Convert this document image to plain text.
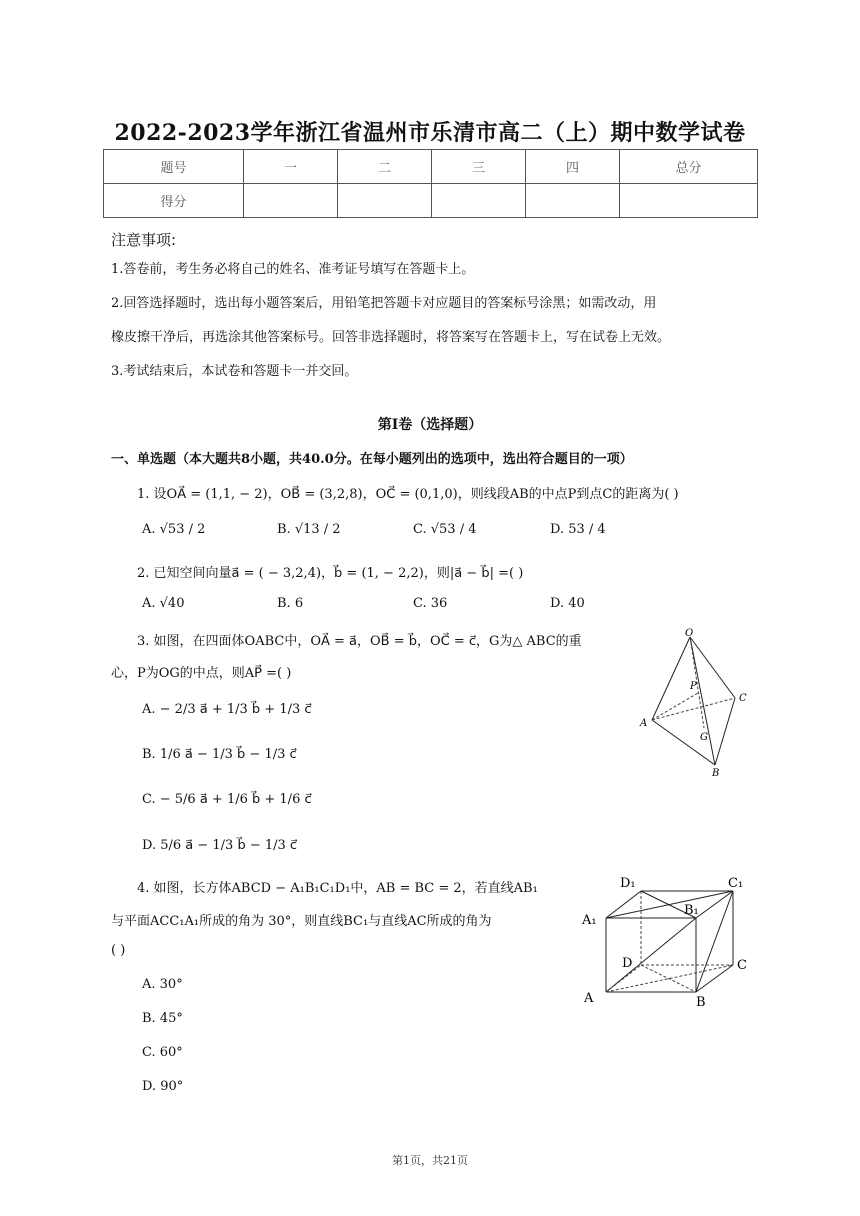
2022-2023学年浙江省温州市乐清市高二（上）期中数学试卷
题号	一	二	三	四	总分
得分					
注意事项:
1.答卷前，考生务必将自己的姓名、准考证号填写在答题卡上。
2.回答选择题时，选出每小题答案后，用铅笔把答题卡对应题目的答案标号涂黑；如需改动，用
橡皮擦干净后，再选涂其他答案标号。回答非选择题时，将答案写在答题卡上，写在试卷上无效。
3.考试结束后，本试卷和答题卡一并交回。
第I卷（选择题）
一、单选题（本大题共8小题，共40.0分。在每小题列出的选项中，选出符合题目的一项）
1. 设OA⃗ = (1,1, − 2)，OB⃗ = (3,2,8)，OC⃗ = (0,1,0)，则线段AB的中点P到点C的距离为( )
A. √53 / 2	B. √13 / 2	C. √53 / 4	D. 53 / 4
2. 已知空间向量a⃗ = ( − 3,2,4)，b⃗ = (1, − 2,2)，则|a⃗ − b⃗| =( )
A. √40	B. 6	C. 36	D. 40
3. 如图，在四面体OABC中，OA⃗ = a⃗，OB⃗ = b⃗，OC⃗ = c⃗，G为△ ABC的重
心，P为OG的中点，则AP⃗ =( )
A. − 2/3 a⃗ + 1/3 b⃗ + 1/3 c⃗
B. 1/6 a⃗ − 1/3 b⃗ − 1/3 c⃗
C. − 5/6 a⃗ + 1/6 b⃗ + 1/6 c⃗
D. 5/6 a⃗ − 1/3 b⃗ − 1/3 c⃗
O
P
C
A
G
B
4. 如图，长方体ABCD − A₁B₁C₁D₁中，AB = BC = 2，若直线AB₁
与平面ACC₁A₁所成的角为 30°，则直线BC₁与直线AC所成的角为
( )
A. 30°
B. 45°
C. 60°
D. 90°
D₁	C₁
A₁
B₁
D	C
A	B
第1页，共21页
